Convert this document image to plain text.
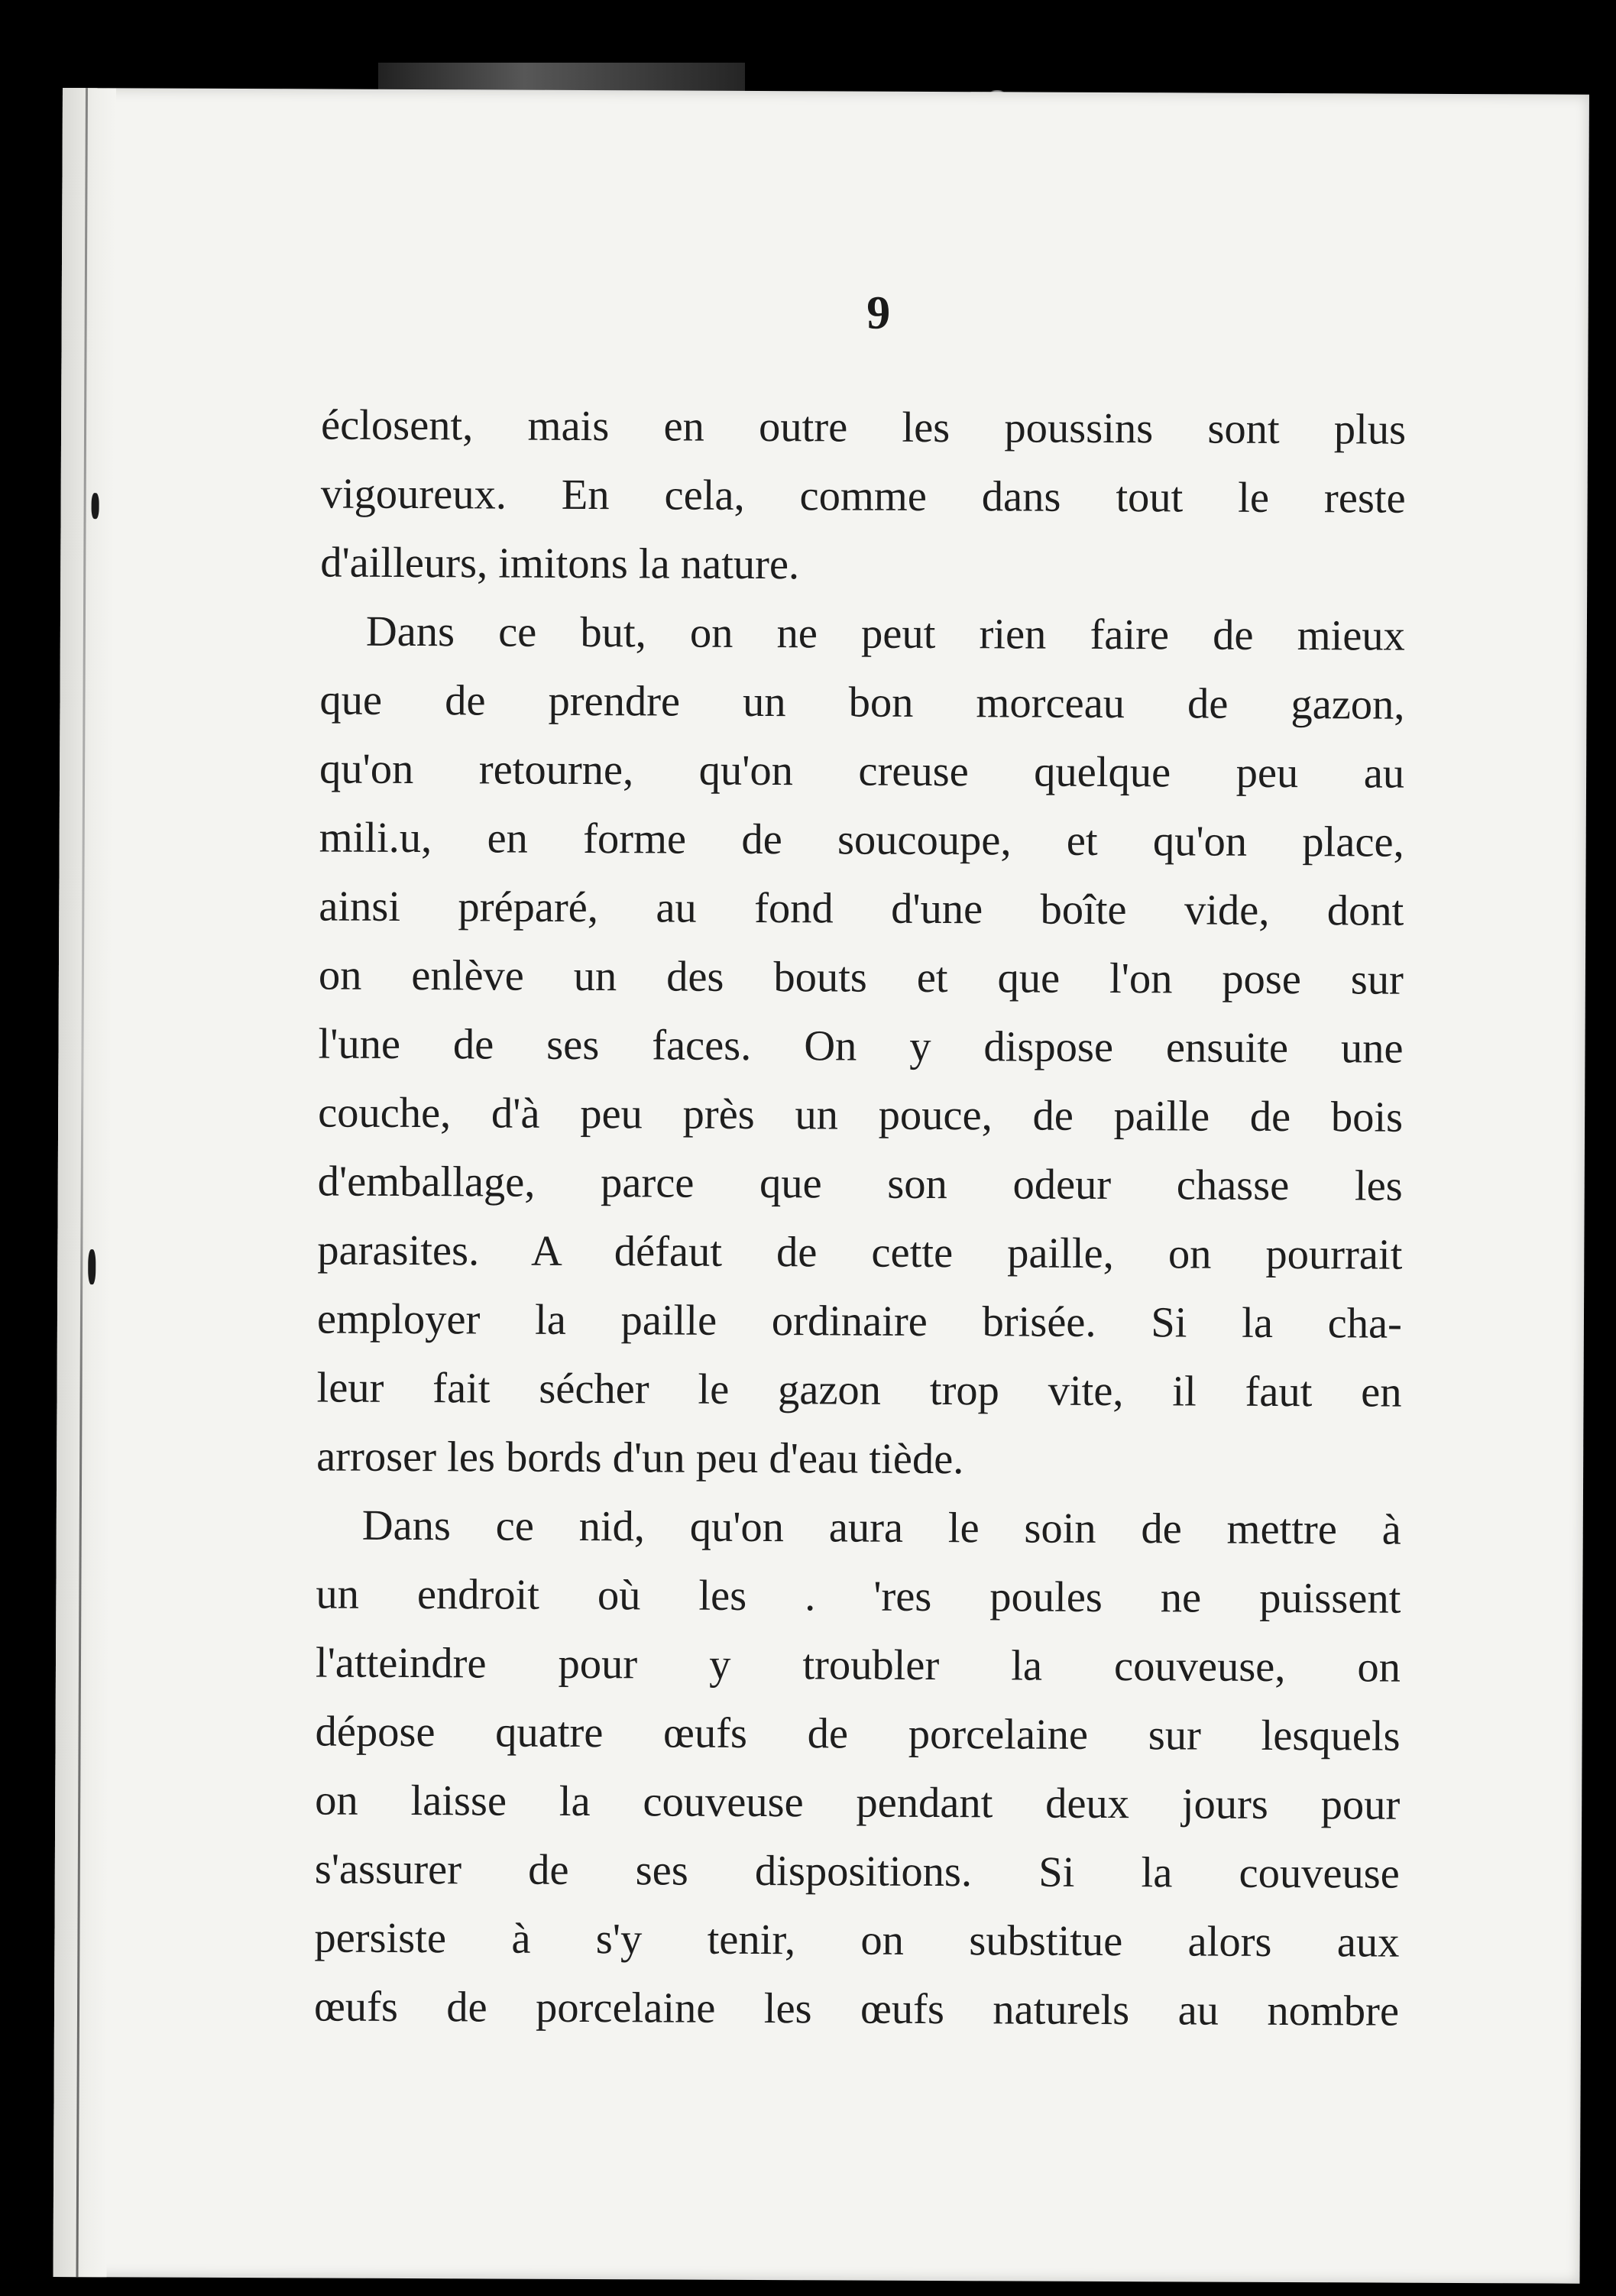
9
éclosent, mais en outre les poussins sont plus
vigoureux. En cela, comme dans tout le reste
d'ailleurs, imitons la nature.
Dans ce but, on ne peut rien faire de mieux
que de prendre un bon morceau de gazon,
qu'on retourne, qu'on creuse quelque peu au
mili.u, en forme de soucoupe, et qu'on place,
ainsi préparé, au fond d'une boîte vide, dont
on enlève un des bouts et que l'on pose sur
l'une de ses faces. On y dispose ensuite une
couche, d'à peu près un pouce, de paille de bois
d'emballage, parce que son odeur chasse les
parasites. A défaut de cette paille, on pourrait
employer la paille ordinaire brisée. Si la cha-
leur fait sécher le gazon trop vite, il faut en
arroser les bords d'un peu d'eau tiède.
Dans ce nid, qu'on aura le soin de mettre à
un endroit où les . 'res poules ne puissent
l'atteindre pour y troubler la couveuse, on
dépose quatre œufs de porcelaine sur lesquels
on laisse la couveuse pendant deux jours pour
s'assurer de ses dispositions. Si la couveuse
persiste à s'y tenir, on substitue alors aux
œufs de porcelaine les œufs naturels au nombre
